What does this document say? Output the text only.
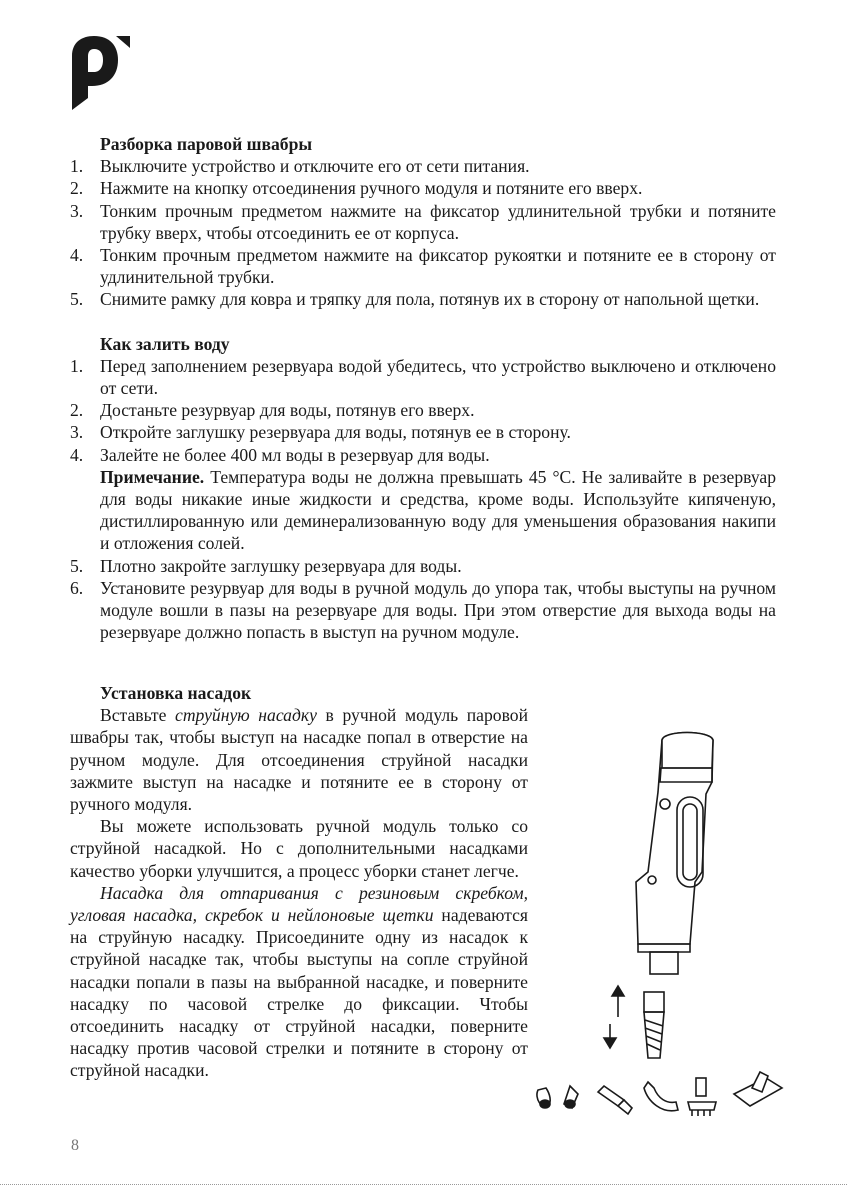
Разборка паровой швабры
1. Выключите устройство и отключите его от сети питания.
2. Нажмите на кнопку отсоединения ручного модуля и потяните его вверх.
3. Тонким прочным предметом нажмите на фиксатор удлинительной трубки и потяните трубку вверх, чтобы отсоединить ее от корпуса.
4. Тонким прочным предметом нажмите на фиксатор рукоятки и потяните ее в сторону от удлинительной трубки.
5. Снимите рамку для ковра и тряпку для пола, потянув их в сторону от напольной щетки.
Как залить воду
1. Перед заполнением резервуара водой убедитесь, что устройство выключено и отключено от сети.
2. Достаньте резурвуар для воды, потянув его вверх.
3. Откройте заглушку резервуара для воды, потянув ее в сторону.
4. Залейте не более 400 мл воды в резервуар для воды.
Примечание. Температура воды не должна превышать 45 °C. Не заливайте в резервуар для воды никакие иные жидкости и средства, кроме воды. Используйте кипяченую, дистиллированную или деминерализованную воду для уменьшения образования накипи и отложения солей.
5. Плотно закройте заглушку резервуара для воды.
6. Установите резурвуар для воды в ручной модуль до упора так, чтобы выступы на ручном модуле вошли в пазы на резервуаре для воды. При этом отверстие для выхода воды на резервуаре должно попасть в выступ на ручном модуле.
Установка насадок

Вставьте струйную насадку в ручной модуль паровой швабры так, чтобы выступ на насадке попал в отверстие на ручном модуле. Для отсоединения струйной насадки зажмите выступ на насадке и потяните ее в сторону от ручного модуля.

Вы можете использовать ручной модуль только со струйной насадкой. Но с дополнительными насадками качество уборки улучшится, а процесс уборки станет легче.

Насадка для отпаривания с резиновым скребком, угловая насадка, скребок и нейлоновые щетки надеваются на струйную насадку. Присоедините одну из насадок к струйной насадке так, чтобы выступы на сопле струйной насадки попали в пазы на выбранной насадке, и поверните насадку по часовой стрелке до фиксации. Чтобы отсоединить насадку от струйной насадки, поверните насадку против часовой стрелки и потяните в сторону от струйной насадки.

8
